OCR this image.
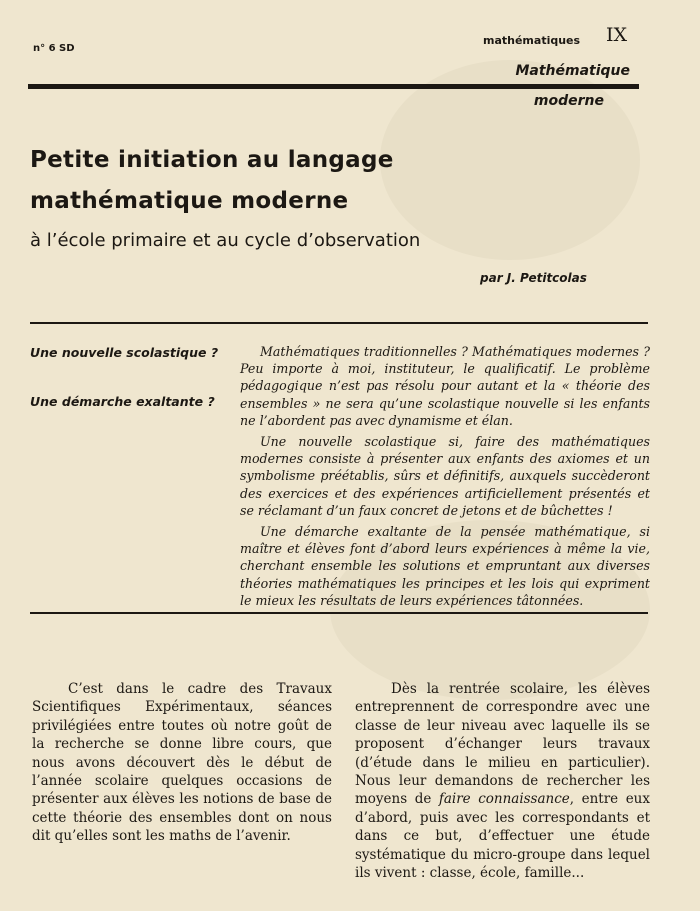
n° 6 SD
mathématiques IX
Mathématique
moderne
Petite initiation au langage
mathématique moderne
à l’école primaire et au cycle d’observation
par J. Petitcolas
Une nouvelle scolastique ?
Une démarche exaltante ?

Mathématiques traditionnelles ? Mathématiques modernes ? Peu importe à moi, instituteur, le qualificatif. Le problème pédagogique n’est pas résolu pour autant et la « théorie des ensembles » ne sera qu’une scolastique nouvelle si les enfants ne l’abordent pas avec dynamisme et élan.

Une nouvelle scolastique si, faire des mathématiques modernes consiste à présenter aux enfants des axiomes et un symbolisme préétablis, sûrs et définitifs, auxquels succèderont des exercices et des expériences artificiellement présentés et se réclamant d’un faux concret de jetons et de bûchettes !

Une démarche exaltante de la pensée mathématique, si maître et élèves font d’abord leurs expériences à même la vie, cherchant ensemble les solutions et empruntant aux diverses théories mathématiques les principes et les lois qui expriment le mieux les résultats de leurs expériences tâtonnées.

C’est dans le cadre des Travaux Scientifiques Expérimentaux, séances privilégiées entre toutes où notre goût de la recherche se donne libre cours, que nous avons découvert dès le début de l’année scolaire quelques occasions de présenter aux élèves les notions de base de cette théorie des ensembles dont on nous dit qu’elles sont les maths de l’avenir.

Dès la rentrée scolaire, les élèves entreprennent de correspondre avec une classe de leur niveau avec laquelle ils se proposent d’échanger leurs travaux (d’étude dans le milieu en particulier). Nous leur demandons de rechercher les moyens de faire connaissance, entre eux d’abord, puis avec les correspondants et dans ce but, d’effectuer une étude systématique du micro-groupe dans lequel ils vivent : classe, école, famille...
